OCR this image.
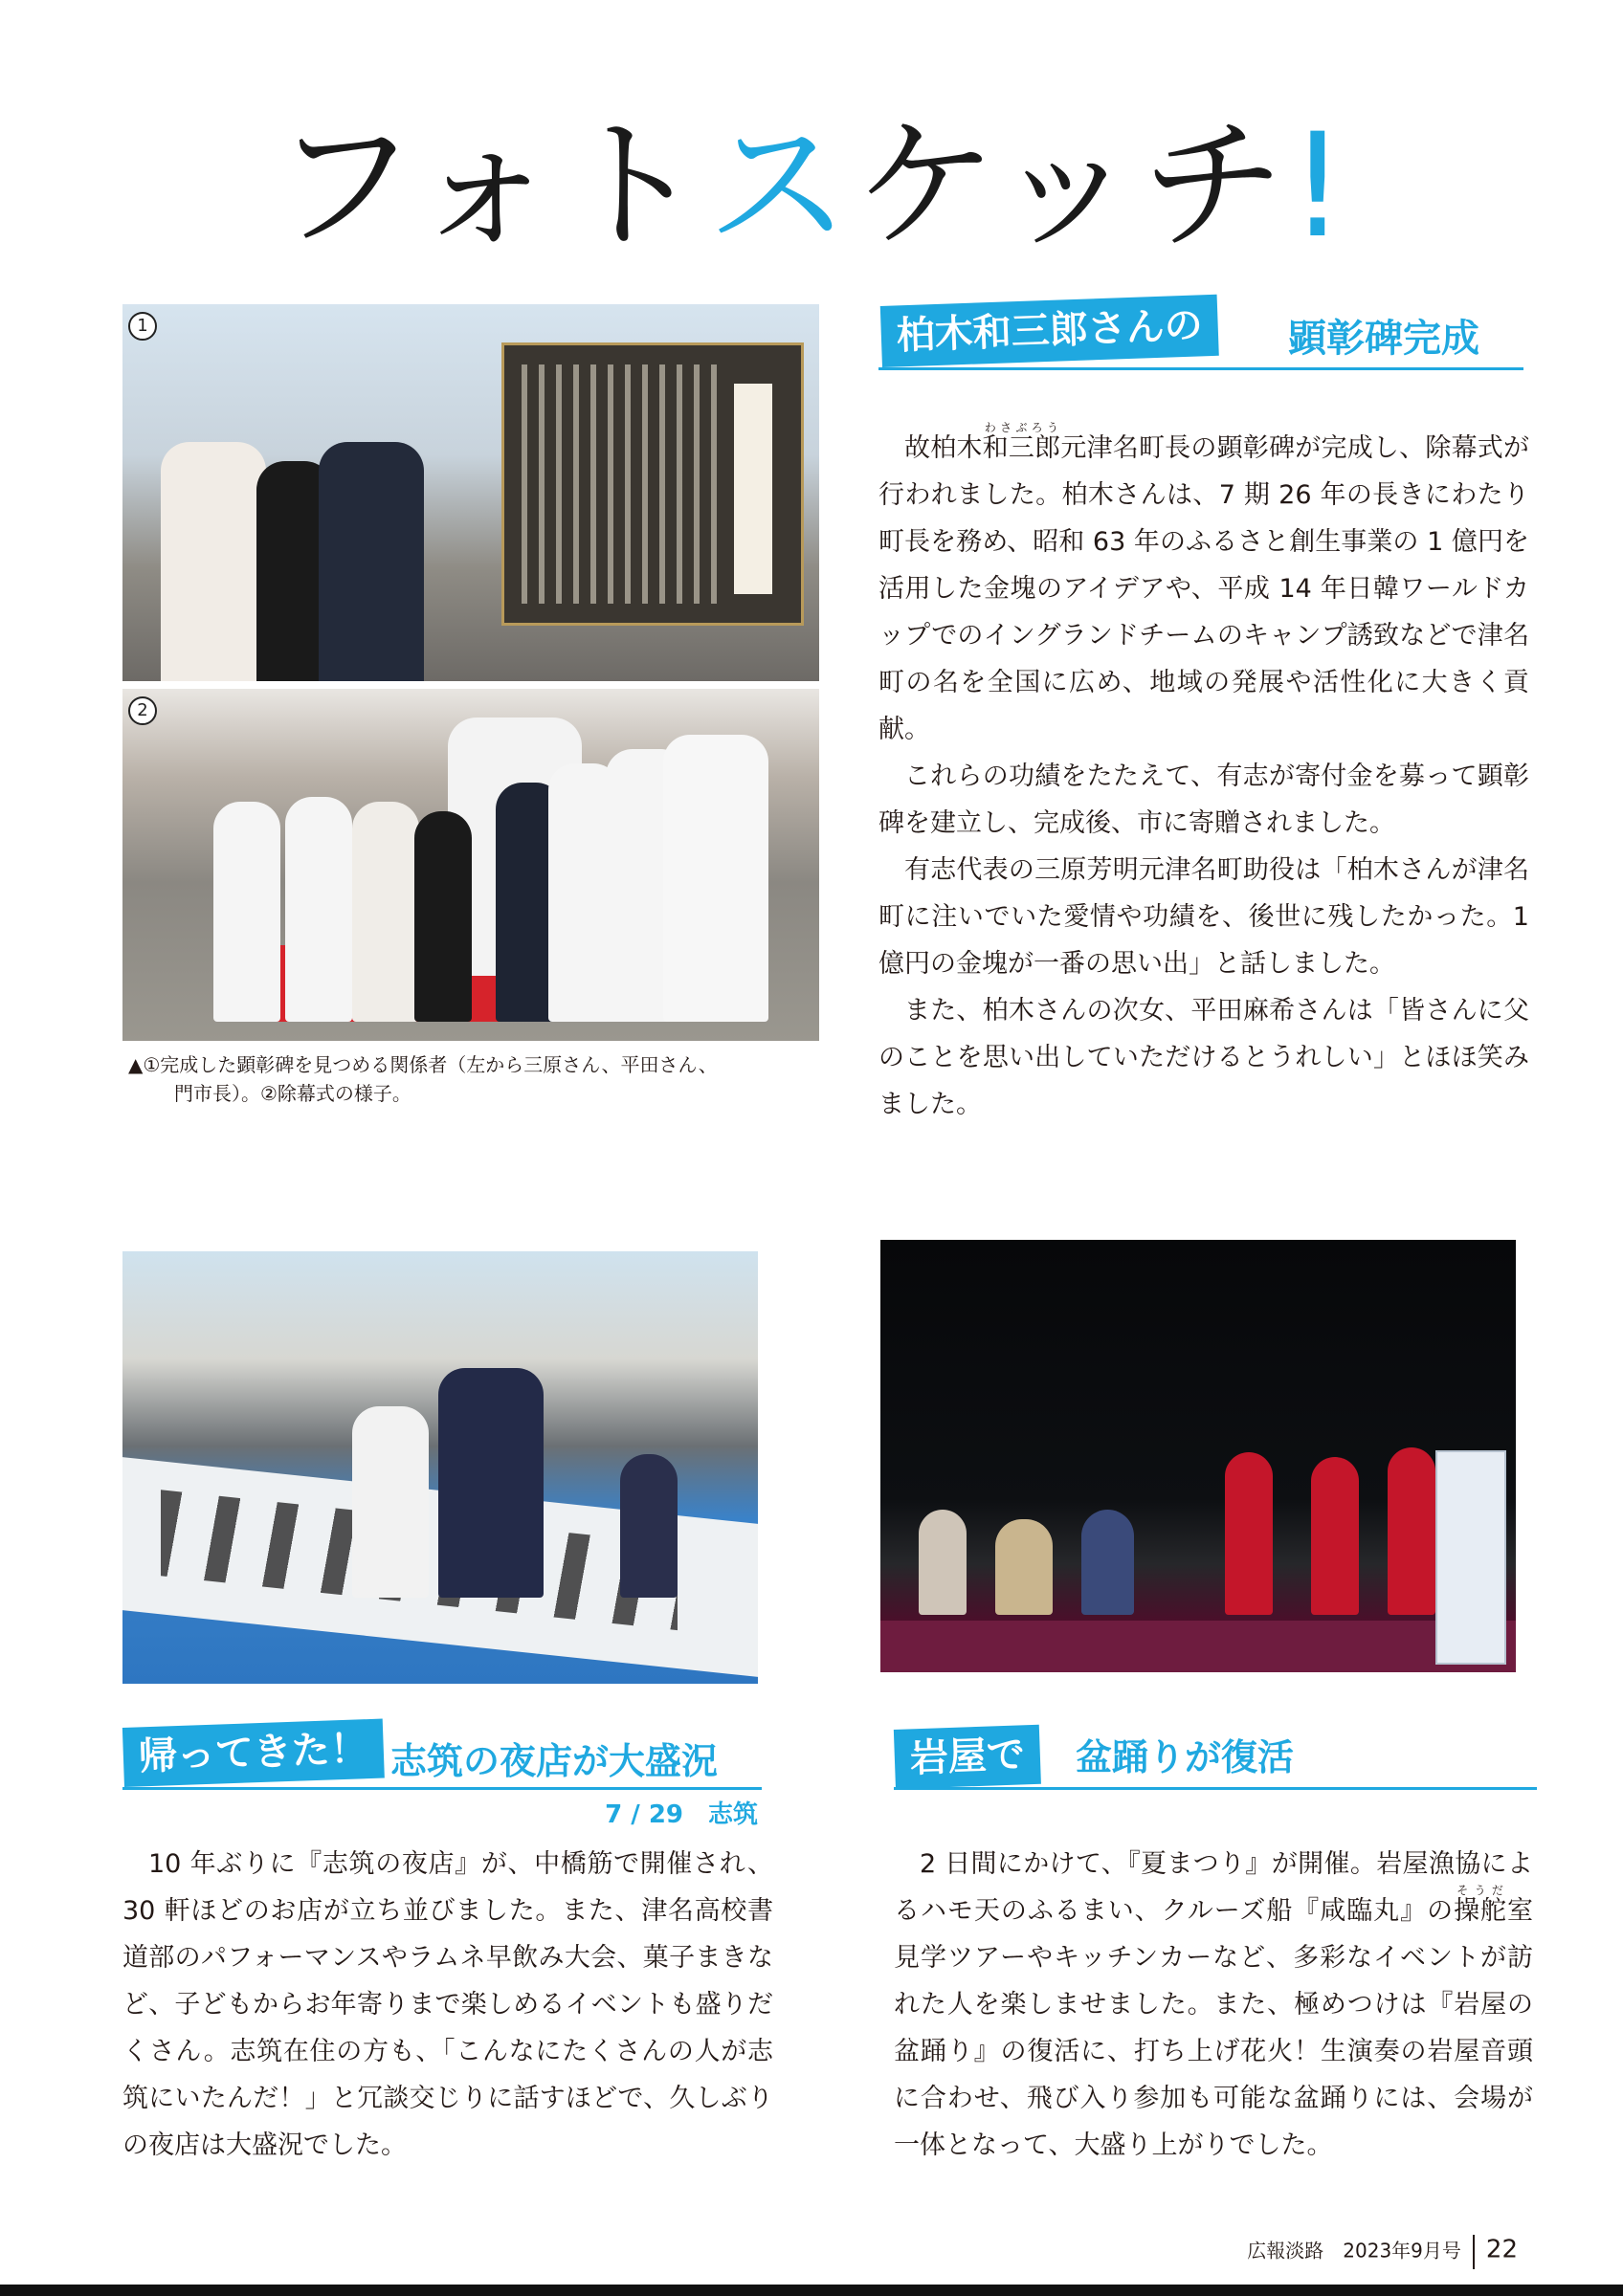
フォトスケッチ!
1
2
▲①完成した顕彰碑を見つめる関係者（左から三原さん、平田さん、
門市長）。②除幕式の様子。
柏木和三郎さんの	顕彰碑完成

故柏木和三郎わさぶろう元津名町長の顕彰碑が完成し、除幕式が行われました。柏木さんは、7 期 26 年の長きにわたり町長を務め、昭和 63 年のふるさと創生事業の 1 億円を活用した金塊のアイデアや、平成 14 年日韓ワールドカップでのイングランドチームのキャンプ誘致などで津名町の名を全国に広め、地域の発展や活性化に大きく貢献。

これらの功績をたたえて、有志が寄付金を募って顕彰碑を建立し、完成後、市に寄贈されました。

有志代表の三原芳明元津名町助役は「柏木さんが津名町に注いでいた愛情や功績を、後世に残したかった。1 億円の金塊が一番の思い出」と話しました。

また、柏木さんの次女、平田麻希さんは「皆さんに父のことを思い出していただけるとうれしい」とほほ笑みました。

帰ってきた！ 志筑の夜店が大盛況
7 / 29　志筑

10 年ぶりに『志筑の夜店』が、中橋筋で開催され、30 軒ほどのお店が立ち並びました。また、津名高校書道部のパフォーマンスやラムネ早飲み大会、菓子まきなど、子どもからお年寄りまで楽しめるイベントも盛りだくさん。志筑在住の方も、「こんなにたくさんの人が志筑にいたんだ！」と冗談交じりに話すほどで、久しぶりの夜店は大盛況でした。

岩屋で	盆踊りが復活

2 日間にかけて、『夏まつり』が開催。岩屋漁協によるハモ天のふるまい、クルーズ船『咸臨丸』の操舵そうだ室見学ツアーやキッチンカーなど、多彩なイベントが訪れた人を楽しませました。また、極めつけは『岩屋の盆踊り』の復活に、打ち上げ花火！生演奏の岩屋音頭に合わせ、飛び入り参加も可能な盆踊りには、会場が一体となって、大盛り上がりでした。

広報淡路　2023年9月号 22
